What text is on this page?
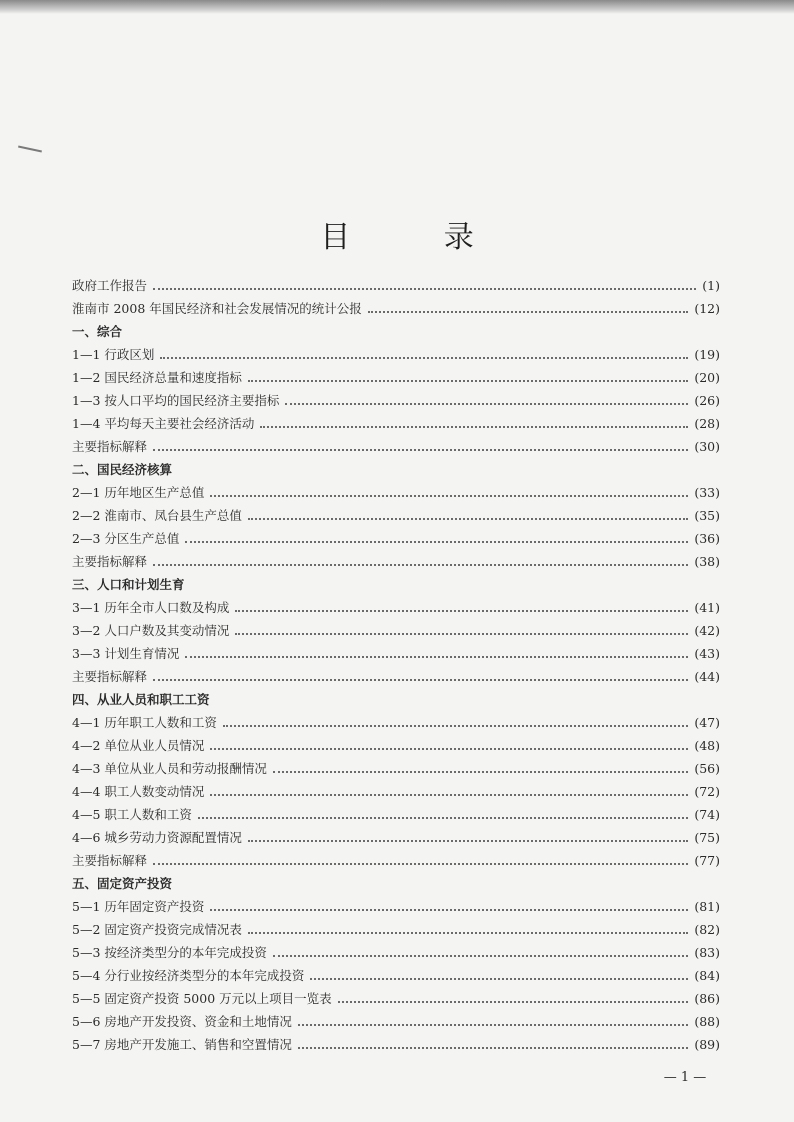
目 录
政府工作报告	(1)
淮南市 2008 年国民经济和社会发展情况的统计公报	(12)
一、综合
1—1 行政区划	(19)
1—2 国民经济总量和速度指标	(20)
1—3 按人口平均的国民经济主要指标	(26)
1—4 平均每天主要社会经济活动	(28)
主要指标解释	(30)
二、国民经济核算
2—1 历年地区生产总值	(33)
2—2 淮南市、凤台县生产总值	(35)
2—3 分区生产总值	(36)
主要指标解释	(38)
三、人口和计划生育
3—1 历年全市人口数及构成	(41)
3—2 人口户数及其变动情况	(42)
3—3 计划生育情况	(43)
主要指标解释	(44)
四、从业人员和职工工资
4—1 历年职工人数和工资	(47)
4—2 单位从业人员情况	(48)
4—3 单位从业人员和劳动报酬情况	(56)
4—4 职工人数变动情况	(72)
4—5 职工人数和工资	(74)
4—6 城乡劳动力资源配置情况	(75)
主要指标解释	(77)
五、固定资产投资
5—1 历年固定资产投资	(81)
5—2 固定资产投资完成情况表	(82)
5—3 按经济类型分的本年完成投资	(83)
5—4 分行业按经济类型分的本年完成投资	(84)
5—5 固定资产投资 5000 万元以上项目一览表	(86)
5—6 房地产开发投资、资金和土地情况	(88)
5—7 房地产开发施工、销售和空置情况	(89)
— 1 —
